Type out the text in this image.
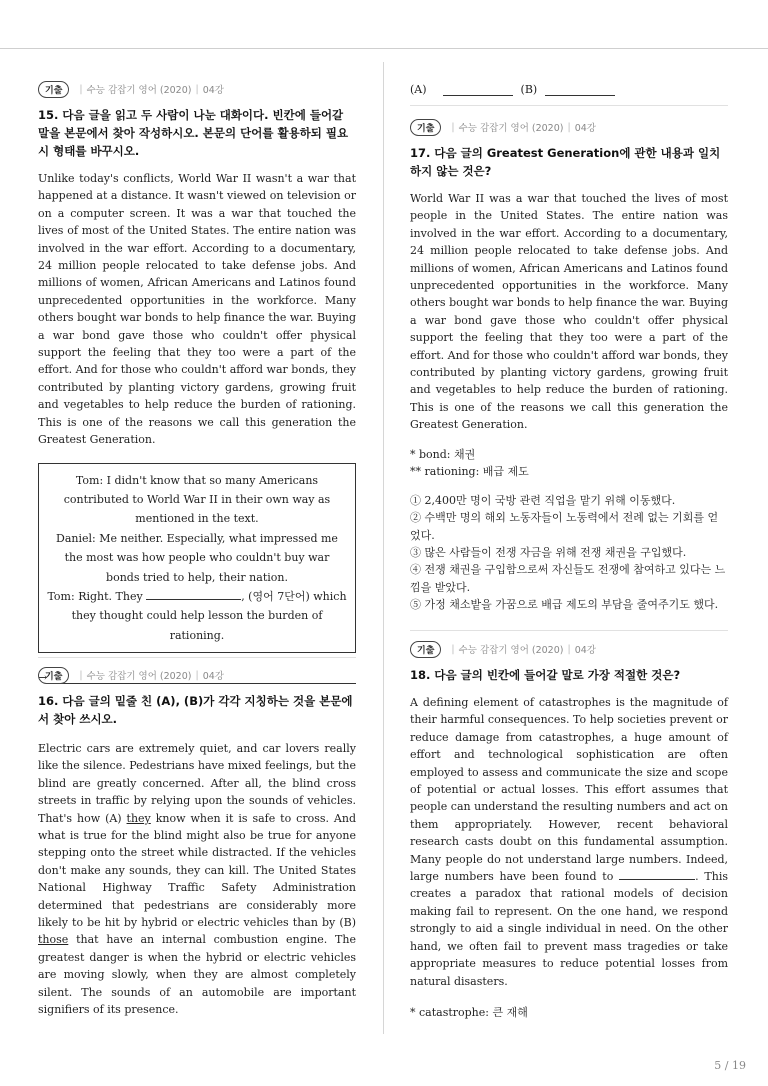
기출	| 수능 감잡기 영어 (2020) | 04강
15. 다음 글을 읽고 두 사람이 나눈 대화이다. 빈칸에 들어갈 말을 본문에서 찾아 작성하시오. 본문의 단어를 활용하되 필요시 형태를 바꾸시오.
Unlike today's conflicts, World War II wasn't a war that happened at a distance. It wasn't viewed on television or on a computer screen. It was a war that touched the lives of most of the United States. The entire nation was involved in the war effort. According to a documentary, 24 million people relocated to take defense jobs. And millions of women, African Americans and Latinos found unprecedented opportunities in the workforce. Many others bought war bonds to help finance the war. Buying a war bond gave those who couldn't offer physical support the feeling that they too were a part of the effort. And for those who couldn't afford war bonds, they contributed by planting victory gardens, growing fruit and vegetables to help reduce the burden of rationing. This is one of the reasons we call this generation the Greatest Generation.
Tom: I didn't know that so many Americans contributed to World War II in their own way as mentioned in the text.
Daniel: Me neither. Especially, what impressed me the most was how people who couldn't buy war bonds tried to help, their nation.
Tom: Right. They	, (영어 7단어) which they thought could help lesson the burden of rationing.
→
기출	| 수능 감잡기 영어 (2020) | 04강
16. 다음 글의 밑줄 친 (A), (B)가 각각 지칭하는 것을 본문에서 찾아 쓰시오.
Electric cars are extremely quiet, and car lovers really like the silence. Pedestrians have mixed feelings, but the blind are greatly concerned. After all, the blind cross streets in traffic by relying upon the sounds of vehicles. That's how (A) they know when it is safe to cross. And what is true for the blind might also be true for anyone stepping onto the street while distracted. If the vehicles don't make any sounds, they can kill. The United States National Highway Traffic Safety Administration determined that pedestrians are considerably more likely to be hit by hybrid or electric vehicles than by (B) those that have an internal combustion engine. The greatest danger is when the hybrid or electric vehicles are moving slowly, when they are almost completely silent. The sounds of an automobile are important signifiers of its presence.
(A)	(B)
기출	| 수능 감잡기 영어 (2020) | 04강
17. 다음 글의 Greatest Generation에 관한 내용과 일치하지 않는 것은?
World War II was a war that touched the lives of most people in the United States. The entire nation was involved in the war effort. According to a documentary, 24 million people relocated to take defense jobs. And millions of women, African Americans and Latinos found unprecedented opportunities in the workforce. Many others bought war bonds to help finance the war. Buying a war bond gave those who couldn't offer physical support the feeling that they too were a part of the effort. And for those who couldn't afford war bonds, they contributed by planting victory gardens, growing fruit and vegetables to help reduce the burden of rationing. This is one of the reasons we call this generation the Greatest Generation.
* bond: 채권
** rationing: 배급 제도
① 2,400만 명이 국방 관련 직업을 맡기 위해 이동했다.
② 수백만 명의 해외 노동자들이 노동력에서 전례 없는 기회를 얻었다.
③ 많은 사람들이 전쟁 자금을 위해 전쟁 채권을 구입했다.
④ 전쟁 채권을 구입함으로써 자신들도 전쟁에 참여하고 있다는 느낌을 받았다.
⑤ 가정 채소밭을 가꿈으로 배급 제도의 부담을 줄여주기도 했다.
기출	| 수능 감잡기 영어 (2020) | 04강
18. 다음 글의 빈칸에 들어갈 말로 가장 적절한 것은?
A defining element of catastrophes is the magnitude of their harmful consequences. To help societies prevent or reduce damage from catastrophes, a huge amount of effort and technological sophistication are often employed to assess and communicate the size and scope of potential or actual losses. This effort assumes that people can understand the resulting numbers and act on them appropriately. However, recent behavioral research casts doubt on this fundamental assumption. Many people do not understand large numbers. Indeed, large numbers have been found to	. This creates a paradox that rational models of decision making fail to represent. On the one hand, we respond strongly to aid a single individual in need. On the other hand, we often fail to prevent mass tragedies or take appropriate measures to reduce potential losses from natural disasters.
* catastrophe: 큰 재해
5 / 19
